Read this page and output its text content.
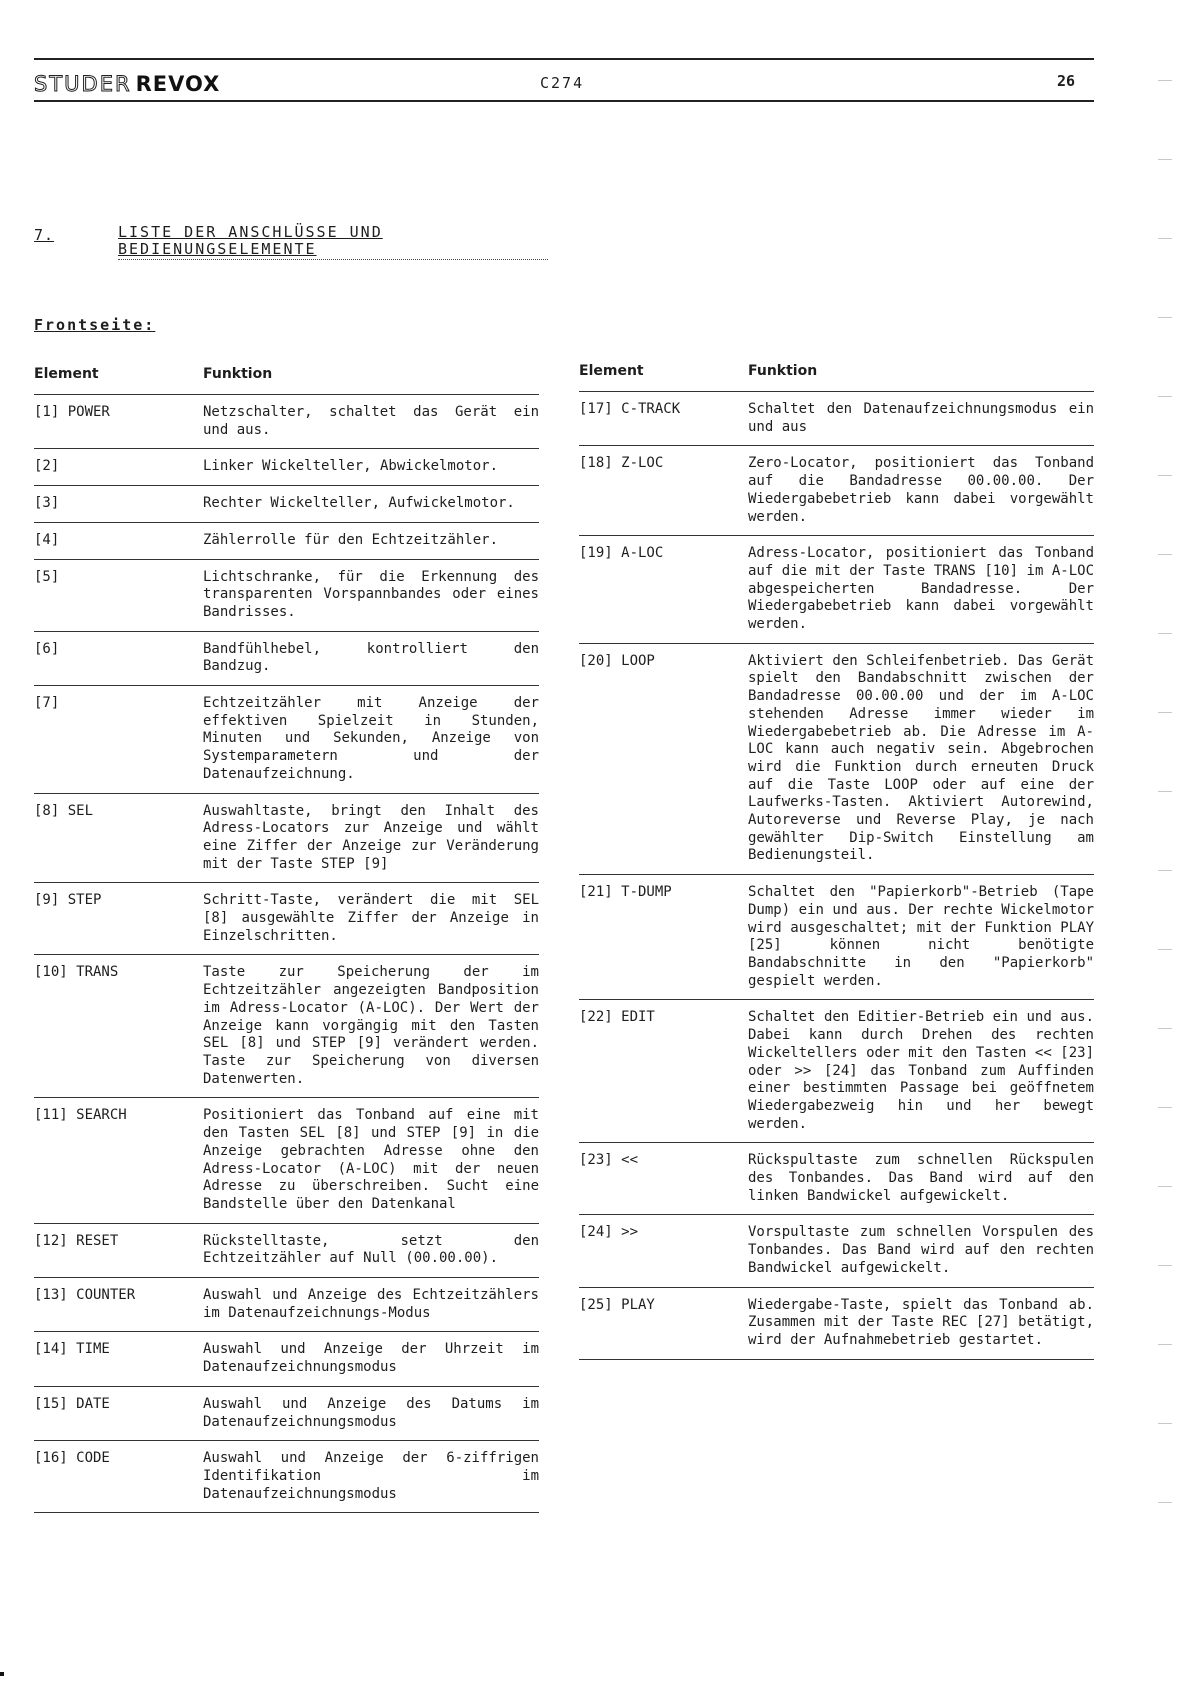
STUDER REVOX	C274	26
7.	LISTE DER ANSCHLÜSSE UND
BEDIENUNGSELEMENTE
Frontseite:
Element	Funktion
[1] POWER	Netzschalter, schaltet das Gerät ein und aus.
[2]	Linker Wickelteller, Abwickelmotor.
[3]	Rechter Wickelteller, Aufwickelmotor.
[4]	Zählerrolle für den Echtzeitzähler.
[5]	Lichtschranke, für die Erkennung des transparenten Vorspannbandes oder eines Bandrisses.
[6]	Bandfühlhebel, kontrolliert den Bandzug.
[7]	Echtzeitzähler mit Anzeige der effektiven Spielzeit in Stunden, Minuten und Sekunden, Anzeige von Systemparametern und der Datenaufzeichnung.
[8] SEL	Auswahltaste, bringt den Inhalt des Adress-Locators zur Anzeige und wählt eine Ziffer der Anzeige zur Veränderung mit der Taste STEP [9]
[9] STEP	Schritt-Taste, verändert die mit SEL [8] ausgewählte Ziffer der Anzeige in Einzelschritten.
[10] TRANS	Taste zur Speicherung der im Echtzeitzähler angezeigten Bandposition im Adress-Locator (A-LOC). Der Wert der Anzeige kann vorgängig mit den Tasten SEL [8] und STEP [9] verändert werden. Taste zur Speicherung von diversen Datenwerten.
[11] SEARCH	Positioniert das Tonband auf eine mit den Tasten SEL [8] und STEP [9] in die Anzeige gebrachten Adresse ohne den Adress-Locator (A-LOC) mit der neuen Adresse zu überschreiben. Sucht eine Bandstelle über den Datenkanal
[12] RESET	Rückstelltaste, setzt den Echtzeitzähler auf Null (00.00.00).
[13] COUNTER	Auswahl und Anzeige des Echtzeitzählers im Datenaufzeichnungs-Modus
[14] TIME	Auswahl und Anzeige der Uhrzeit im Datenaufzeichnungsmodus
[15] DATE	Auswahl und Anzeige des Datums im Datenaufzeichnungsmodus
[16] CODE	Auswahl und Anzeige der 6-ziffrigen Identifikation im Datenaufzeichnungsmodus
Element	Funktion
[17] C-TRACK	Schaltet den Datenaufzeichnungsmodus ein und aus
[18] Z-LOC	Zero-Locator, positioniert das Tonband auf die Bandadresse 00.00.00. Der Wiedergabebetrieb kann dabei vorgewählt werden.
[19] A-LOC	Adress-Locator, positioniert das Tonband auf die mit der Taste TRANS [10] im A-LOC abgespeicherten Bandadresse. Der Wiedergabebetrieb kann dabei vorgewählt werden.
[20] LOOP	Aktiviert den Schleifenbetrieb. Das Gerät spielt den Bandabschnitt zwischen der Bandadresse 00.00.00 und der im A-LOC stehenden Adresse immer wieder im Wiedergabebetrieb ab. Die Adresse im A-LOC kann auch negativ sein. Abgebrochen wird die Funktion durch erneuten Druck auf die Taste LOOP oder auf eine der Laufwerks-Tasten. Aktiviert Autorewind, Autoreverse und Reverse Play, je nach gewählter Dip-Switch Einstellung am Bedienungsteil.
[21] T-DUMP	Schaltet den "Papierkorb"-Betrieb (Tape Dump) ein und aus. Der rechte Wickelmotor wird ausgeschaltet; mit der Funktion PLAY [25] können nicht benötigte Bandabschnitte in den "Papierkorb" gespielt werden.
[22] EDIT	Schaltet den Editier-Betrieb ein und aus. Dabei kann durch Drehen des rechten Wickeltellers oder mit den Tasten << [23] oder >> [24] das Tonband zum Auffinden einer bestimmten Passage bei geöffnetem Wiedergabezweig hin und her bewegt werden.
[23] <<	Rückspultaste zum schnellen Rückspulen des Tonbandes. Das Band wird auf den linken Bandwickel aufgewickelt.
[24] >>	Vorspultaste zum schnellen Vorspulen des Tonbandes. Das Band wird auf den rechten Bandwickel aufgewickelt.
[25] PLAY	Wiedergabe-Taste, spielt das Tonband ab. Zusammen mit der Taste REC [27] betätigt, wird der Aufnahmebetrieb gestartet.
